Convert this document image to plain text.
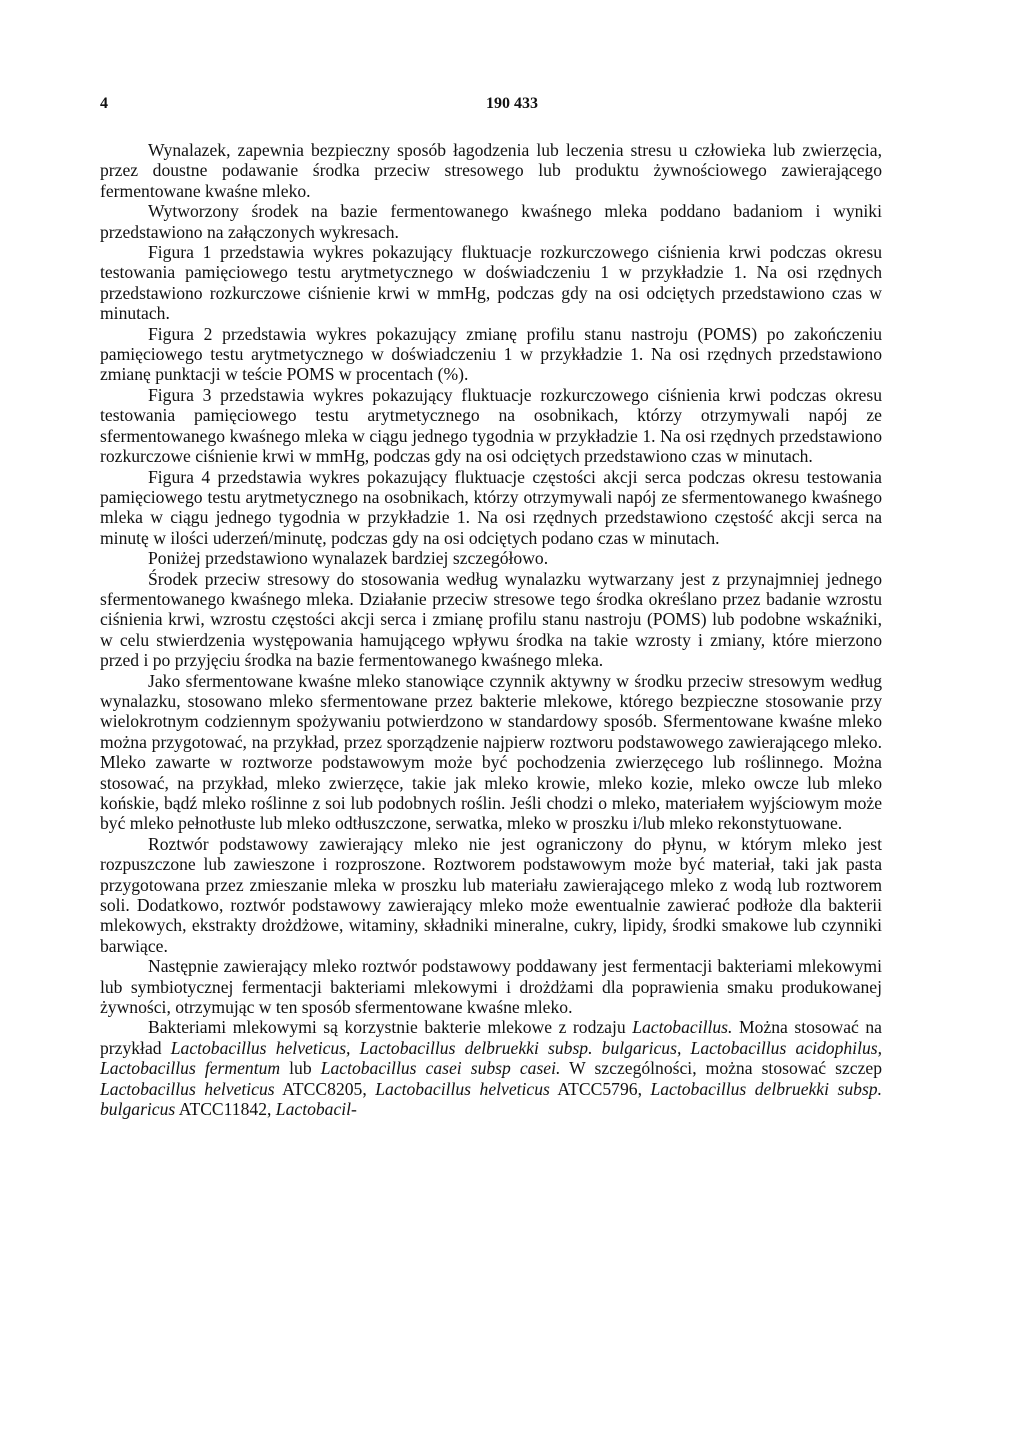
4	190 433

Wynalazek, zapewnia bezpieczny sposób łagodzenia lub leczenia stresu u człowieka lub zwierzęcia, przez doustne podawanie środka przeciw stresowego lub produktu żywnościowego zawierającego fermentowane kwaśne mleko.

Wytworzony środek na bazie fermentowanego kwaśnego mleka poddano badaniom i wyniki przedstawiono na załączonych wykresach.

Figura 1 przedstawia wykres pokazujący fluktuacje rozkurczowego ciśnienia krwi podczas okresu testowania pamięciowego testu arytmetycznego w doświadczeniu 1 w przykładzie 1. Na osi rzędnych przedstawiono rozkurczowe ciśnienie krwi w mmHg, podczas gdy na osi odciętych przedstawiono czas w minutach.

Figura 2 przedstawia wykres pokazujący zmianę profilu stanu nastroju (POMS) po zakończeniu pamięciowego testu arytmetycznego w doświadczeniu 1 w przykładzie 1. Na osi rzędnych przedstawiono zmianę punktacji w teście POMS w procentach (%).

Figura 3 przedstawia wykres pokazujący fluktuacje rozkurczowego ciśnienia krwi podczas okresu testowania pamięciowego testu arytmetycznego na osobnikach, którzy otrzymywali napój ze sfermentowanego kwaśnego mleka w ciągu jednego tygodnia w przykładzie 1. Na osi rzędnych przedstawiono rozkurczowe ciśnienie krwi w mmHg, podczas gdy na osi odciętych przedstawiono czas w minutach.

Figura 4 przedstawia wykres pokazujący fluktuacje częstości akcji serca podczas okresu testowania pamięciowego testu arytmetycznego na osobnikach, którzy otrzymywali napój ze sfermentowanego kwaśnego mleka w ciągu jednego tygodnia w przykładzie 1. Na osi rzędnych przedstawiono częstość akcji serca na minutę w ilości uderzeń/minutę, podczas gdy na osi odciętych podano czas w minutach.

Poniżej przedstawiono wynalazek bardziej szczegółowo.

Środek przeciw stresowy do stosowania według wynalazku wytwarzany jest z przynajmniej jednego sfermentowanego kwaśnego mleka. Działanie przeciw stresowe tego środka określano przez badanie wzrostu ciśnienia krwi, wzrostu częstości akcji serca i zmianę profilu stanu nastroju (POMS) lub podobne wskaźniki, w celu stwierdzenia występowania hamującego wpływu środka na takie wzrosty i zmiany, które mierzono przed i po przyjęciu środka na bazie fermentowanego kwaśnego mleka.

Jako sfermentowane kwaśne mleko stanowiące czynnik aktywny w środku przeciw stresowym według wynalazku, stosowano mleko sfermentowane przez bakterie mlekowe, którego bezpieczne stosowanie przy wielokrotnym codziennym spożywaniu potwierdzono w standardowy sposób. Sfermentowane kwaśne mleko można przygotować, na przykład, przez sporządzenie najpierw roztworu podstawowego zawierającego mleko. Mleko zawarte w roztworze podstawowym może być pochodzenia zwierzęcego lub roślinnego. Można stosować, na przykład, mleko zwierzęce, takie jak mleko krowie, mleko kozie, mleko owcze lub mleko końskie, bądź mleko roślinne z soi lub podobnych roślin. Jeśli chodzi o mleko, materiałem wyjściowym może być mleko pełnotłuste lub mleko odtłuszczone, serwatka, mleko w proszku i/lub mleko rekonstytuowane.

Roztwór podstawowy zawierający mleko nie jest ograniczony do płynu, w którym mleko jest rozpuszczone lub zawieszone i rozproszone. Roztworem podstawowym może być materiał, taki jak pasta przygotowana przez zmieszanie mleka w proszku lub materiału zawierającego mleko z wodą lub roztworem soli. Dodatkowo, roztwór podstawowy zawierający mleko może ewentualnie zawierać podłoże dla bakterii mlekowych, ekstrakty drożdżowe, witaminy, składniki mineralne, cukry, lipidy, środki smakowe lub czynniki barwiące.

Następnie zawierający mleko roztwór podstawowy poddawany jest fermentacji bakteriami mlekowymi lub symbiotycznej fermentacji bakteriami mlekowymi i drożdżami dla poprawienia smaku produkowanej żywności, otrzymując w ten sposób sfermentowane kwaśne mleko.

Bakteriami mlekowymi są korzystnie bakterie mlekowe z rodzaju Lactobacillus. Można stosować na przykład Lactobacillus helveticus, Lactobacillus delbruekki subsp. bulgaricus, Lactobacillus acidophilus, Lactobacillus fermentum lub Lactobacillus casei subsp casei. W szczególności, można stosować szczep Lactobacillus helveticus ATCC8205, Lactobacillus helveticus ATCC5796, Lactobacillus delbruekki subsp. bulgaricus ATCC11842, Lactobacil-
